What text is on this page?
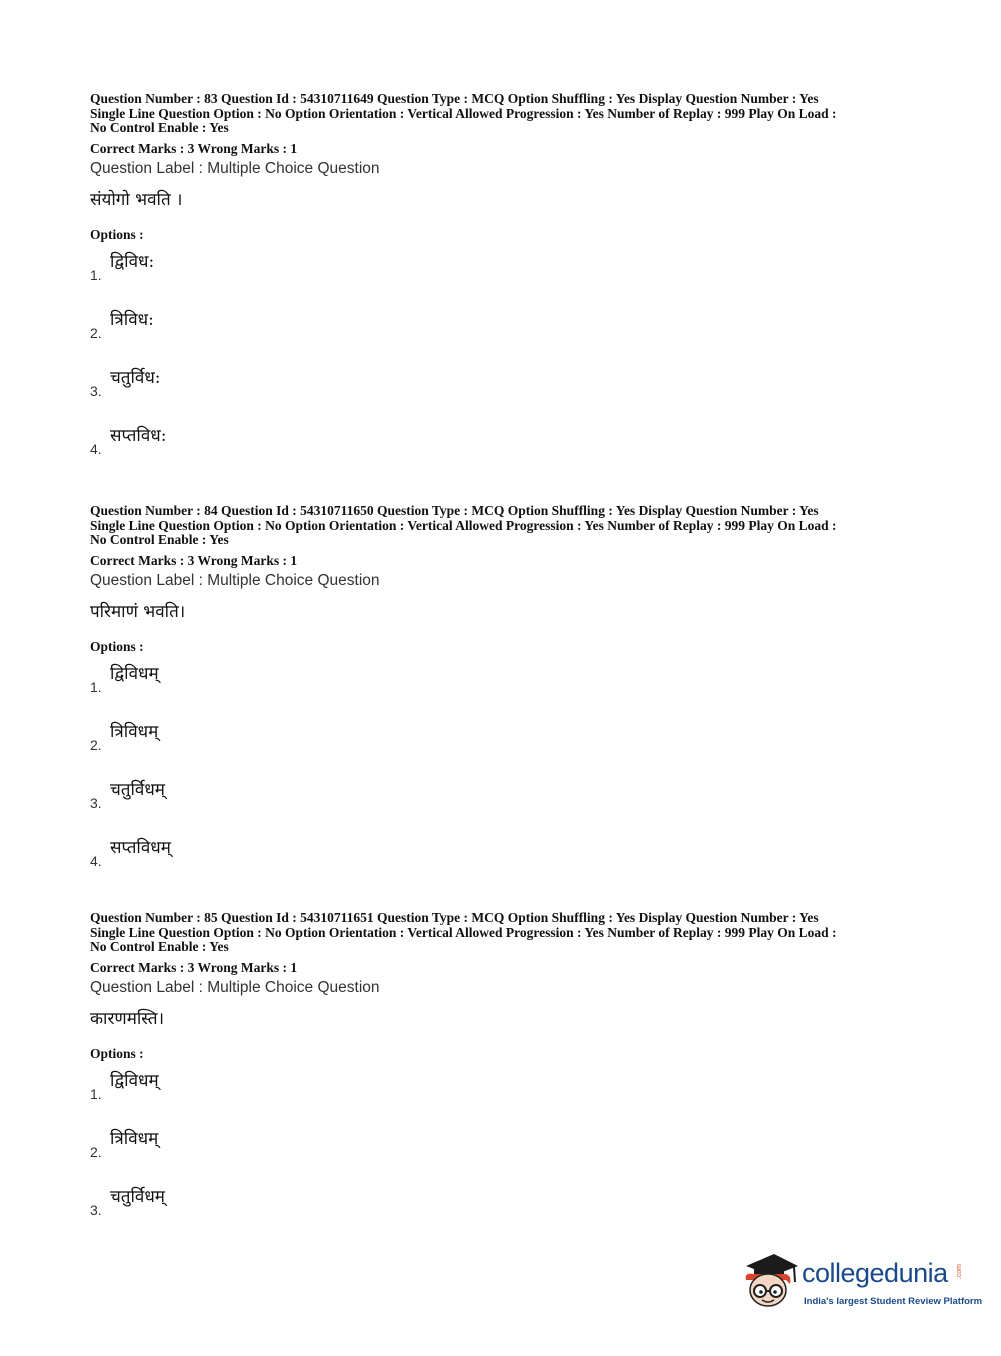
Question Number : 83 Question Id : 54310711649 Question Type : MCQ Option Shuffling : Yes Display Question Number : Yes
Single Line Question Option : No Option Orientation : Vertical Allowed Progression : Yes Number of Replay : 999 Play On Load :
No Control Enable : Yes
Correct Marks : 3 Wrong Marks : 1
Question Label : Multiple Choice Question
संयोगो भवति ।
Options :
1.
द्विविध:
2.
त्रिविध:
3.
चतुर्विध:
4.
सप्तविध:
Question Number : 84 Question Id : 54310711650 Question Type : MCQ Option Shuffling : Yes Display Question Number : Yes
Single Line Question Option : No Option Orientation : Vertical Allowed Progression : Yes Number of Replay : 999 Play On Load :
No Control Enable : Yes
Correct Marks : 3 Wrong Marks : 1
Question Label : Multiple Choice Question
परिमाणं भवति।
Options :
1.
द्विविधम्
2.
त्रिविधम्
3.
चतुर्विधम्
4.
सप्तविधम्
Question Number : 85 Question Id : 54310711651 Question Type : MCQ Option Shuffling : Yes Display Question Number : Yes
Single Line Question Option : No Option Orientation : Vertical Allowed Progression : Yes Number of Replay : 999 Play On Load :
No Control Enable : Yes
Correct Marks : 3 Wrong Marks : 1
Question Label : Multiple Choice Question
कारणमस्ति।
Options :
1.
द्विविधम्
2.
त्रिविधम्
3.
चतुर्विधम्
collegedunia .com
India's largest Student Review Platform
